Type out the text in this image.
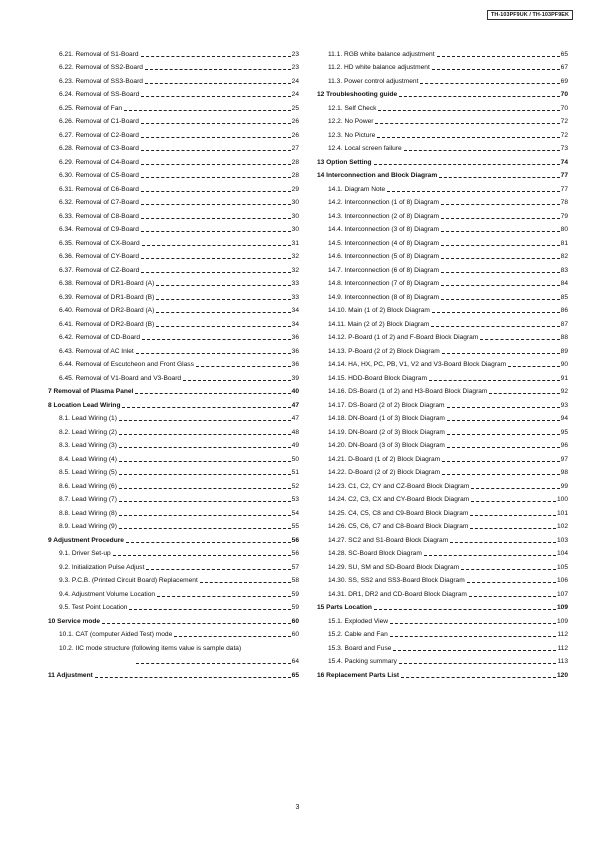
TH-103PF9UK / TH-103PF9EK
6.21. Removal of S1-Board	23
6.22. Removal of SS2-Board	23
6.23. Removal of SS3-Board	24
6.24. Removal of SS-Board	24
6.25. Removal of Fan	25
6.26. Removal of C1-Board	26
6.27. Removal of C2-Board	26
6.28. Removal of C3-Board	27
6.29. Removal of C4-Board	28
6.30. Removal of C5-Board	28
6.31. Removal of C6-Board	29
6.32. Removal of C7-Board	30
6.33. Removal of C8-Board	30
6.34. Removal of C9-Board	30
6.35. Removal of CX-Board	31
6.36. Removal of CY-Board	32
6.37. Removal of CZ-Board	32
6.38. Removal of DR1-Board (A)	33
6.39. Removal of DR1-Board (B)	33
6.40. Removal of DR2-Board (A)	34
6.41. Removal of DR2-Board (B)	34
6.42. Removal of CD-Board	36
6.43. Removal of AC Inlet	36
6.44. Removal of Escutcheon and Front Glass	36
6.45. Removal of V1-Board and V3-Board	39
7 Removal of Plasma Panel	40
8 Location Lead Wiring	47
8.1. Lead Wiring (1)	47
8.2. Lead Wiring (2)	48
8.3. Lead Wiring (3)	49
8.4. Lead Wiring (4)	50
8.5. Lead Wiring (5)	51
8.6. Lead Wiring (6)	52
8.7. Lead Wiring (7)	53
8.8. Lead Wiring (8)	54
8.9. Lead Wiring (9)	55
9 Adjustment Procedure	56
9.1. Driver Set-up	56
9.2. Initialization Pulse Adjust	57
9.3. P.C.B. (Printed Circuit Board) Replacement	58
9.4. Adjustment Volume Location	59
9.5. Test Point Location	59
10 Service mode	60
10.1. CAT (computer Aided Test) mode	60
10.2. IIC mode structure (following items value is sample data)
64
11 Adjustment	65
11.1. RGB white balance adjustment	65
11.2. HD white balance adjustment	67
11.3. Power control adjustment	69
12 Troubleshooting guide	70
12.1. Self Check	70
12.2. No Power	72
12.3. No Picture	72
12.4. Local screen failure	73
13 Option Setting	74
14 Interconnection and Block Diagram	77
14.1. Diagram Note	77
14.2. Interconnection (1 of 8) Diagram	78
14.3. Interconnection (2 of 8) Diagram	79
14.4. Interconnection (3 of 8) Diagram	80
14.5. Interconnection (4 of 8) Diagram	81
14.6. Interconnection (5 of 8) Diagram	82
14.7. Interconnection (6 of 8) Diagram	83
14.8. Interconnection (7 of 8) Diagram	84
14.9. Interconnection (8 of 8) Diagram	85
14.10. Main (1 of 2) Block Diagram	86
14.11. Main (2 of 2) Block Diagram	87
14.12. P-Board (1 of 2) and F-Board Block Diagram	88
14.13. P-Board (2 of 2) Block Diagram	89
14.14. HA, HX, PC, PB, V1, V2 and V3-Board Block Diagram	90
14.15. HDD-Board Block Diagram	91
14.16. DS-Board (1 of 2) and H3-Board Block Diagram	92
14.17. DS-Board (2 of 2) Block Diagram	93
14.18. DN-Board (1 of 3) Block Diagram	94
14.19. DN-Board (2 of 3) Block Diagram	95
14.20. DN-Board (3 of 3) Block Diagram	96
14.21. D-Board (1 of 2) Block Diagram	97
14.22. D-Board (2 of 2) Block Diagram	98
14.23. C1, C2, CY and CZ-Board Block Diagram	99
14.24. C2, C3, CX and CY-Board Block Diagram	100
14.25. C4, C5, C8 and C9-Board Block Diagram	101
14.26. C5, C6, C7 and C8-Board Block Diagram	102
14.27. SC2 and S1-Board Block Diagram	103
14.28. SC-Board Block Diagram	104
14.29. SU, SM and SD-Board Block Diagram	105
14.30. SS, SS2 and SS3-Board Block Diagram	106
14.31. DR1, DR2 and CD-Board Block Diagram	107
15 Parts Location	109
15.1. Exploded View	109
15.2. Cable and Fan	112
15.3. Board and Fuse	112
15.4. Packing summary	113
16 Replacement Parts List	120
3
